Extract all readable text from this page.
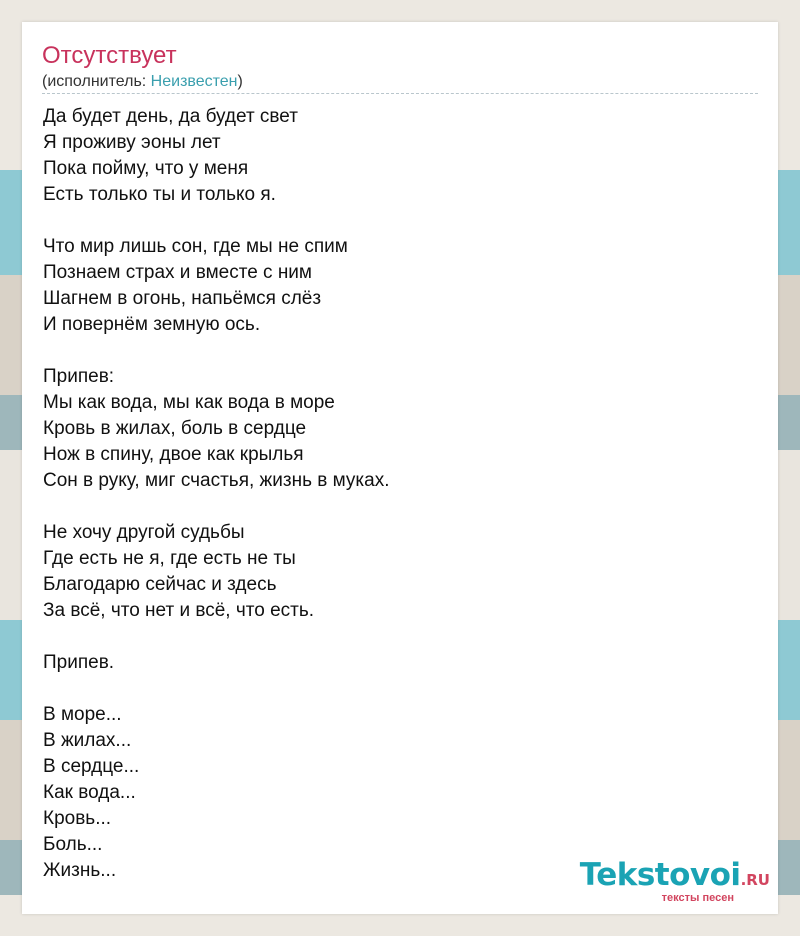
Отсутствует
(исполнитель: Неизвестен)
Да будет день, да будет свет
Я проживу эоны лет
Пока пойму, что у меня
Есть только ты и только я.
Что мир лишь сон, где мы не спим
Познаем страх и вместе с ним
Шагнем в огонь, напьёмся слёз
И повернём земную ось.
Припев:
Мы как вода, мы как вода в море
Кровь в жилах, боль в сердце
Нож в спину, двое как крылья
Сон в руку, миг счастья, жизнь в муках.
Не хочу другой судьбы
Где есть не я, где есть не ты
Благодарю сейчас и здесь
За всё, что нет и всё, что есть.
Припев.
В море...
В жилах...
В сердце...
Как вода...
Кровь...
Боль...
Жизнь...	Tekstovoi.RU
тексты песен
